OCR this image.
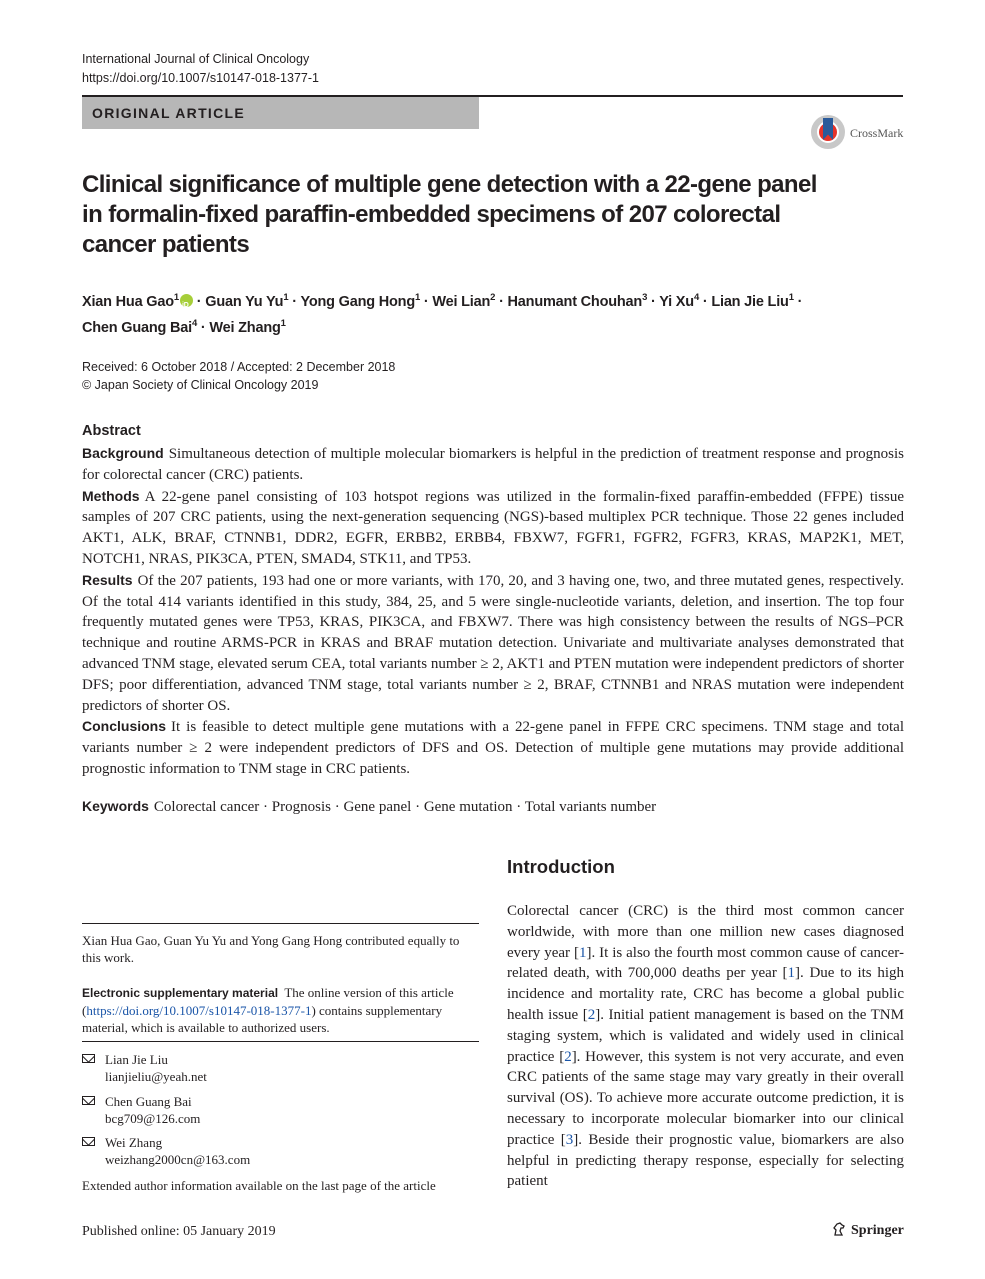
International Journal of Clinical Oncology
https://doi.org/10.1007/s10147-018-1377-1
ORIGINAL ARTICLE
CrossMark
Clinical significance of multiple gene detection with a 22-gene panel in formalin-fixed paraffin-embedded specimens of 207 colorectal cancer patients
Xian Hua Gao$^1$iD · Guan Yu $Yu^1$ · Yong Gang Hong$^1$ · Wei Lian$^2$ · Hanumant Chouhan$^3$ · Yi $Xu^4$ · Lian Jie Liu$^1$ ·
Chen Guang Bai$^4$ · Wei Zhang$^1$
Received: 6 October 2018 / Accepted: 2 December 2018
© Japan Society of Clinical Oncology 2019
Abstract

Background Simultaneous detection of multiple molecular biomarkers is helpful in the prediction of treatment response and prognosis for colorectal cancer (CRC) patients.

Methods A 22-gene panel consisting of 103 hotspot regions was utilized in the formalin-fixed paraffin-embedded (FFPE) tissue samples of 207 CRC patients, using the next-generation sequencing (NGS)-based multiplex PCR technique. Those 22 genes included AKT1, ALK, BRAF, CTNNB1, DDR2, EGFR, ERBB2, ERBB4, FBXW7, FGFR1, FGFR2, FGFR3, KRAS, MAP2K1, MET, NOTCH1, NRAS, PIK3CA, PTEN, SMAD4, STK11, and TP53.

Results Of the 207 patients, 193 had one or more variants, with 170, 20, and 3 having one, two, and three mutated genes, respectively. Of the total 414 variants identified in this study, 384, 25, and 5 were single-nucleotide variants, deletion, and insertion. The top four frequently mutated genes were TP53, KRAS, PIK3CA, and FBXW7. There was high consistency between the results of NGS–PCR technique and routine ARMS-PCR in KRAS and BRAF mutation detection. Univariate and multivariate analyses demonstrated that advanced TNM stage, elevated serum CEA, total variants number ≥ 2, AKT1 and PTEN mutation were independent predictors of shorter DFS; poor differentiation, advanced TNM stage, total variants number ≥ 2, BRAF, CTNNB1 and NRAS mutation were independent predictors of shorter OS.

Conclusions It is feasible to detect multiple gene mutations with a 22-gene panel in FFPE CRC specimens. TNM stage and total variants number ≥ 2 were independent predictors of DFS and OS. Detection of multiple gene mutations may provide additional prognostic information to TNM stage in CRC patients.

Keywords Colorectal cancer · Prognosis · Gene panel · Gene mutation · Total variants number
Introduction
Colorectal cancer (CRC) is the third most common cancer worldwide, with more than one million new cases diagnosed every year [1]. It is also the fourth most common cause of cancer-related death, with 700,000 deaths per year [1]. Due to its high incidence and mortality rate, CRC has become a global public health issue [2]. Initial patient management is based on the TNM staging system, which is validated and widely used in clinical practice [2]. However, this system is not very accurate, and even CRC patients of the same stage may vary greatly in their overall survival (OS). To achieve more accurate outcome prediction, it is necessary to incorporate molecular biomarker into our clinical practice [3]. Beside their prognostic value, biomarkers are also helpful in predicting therapy response, especially for selecting patient
Xian Hua Gao, Guan Yu Yu and Yong Gang Hong contributed equally to this work.
Electronic supplementary material The online version of this article (https://doi.org/10.1007/s10147-018-1377-1) contains supplementary material, which is available to authorized users.
Lian Jie Liu
lianjieliu@yeah.net
Chen Guang Bai
bcg709@126.com
Wei Zhang
weizhang2000cn@163.com
Extended author information available on the last page of the article
Published online: 05 January 2019	Springer
